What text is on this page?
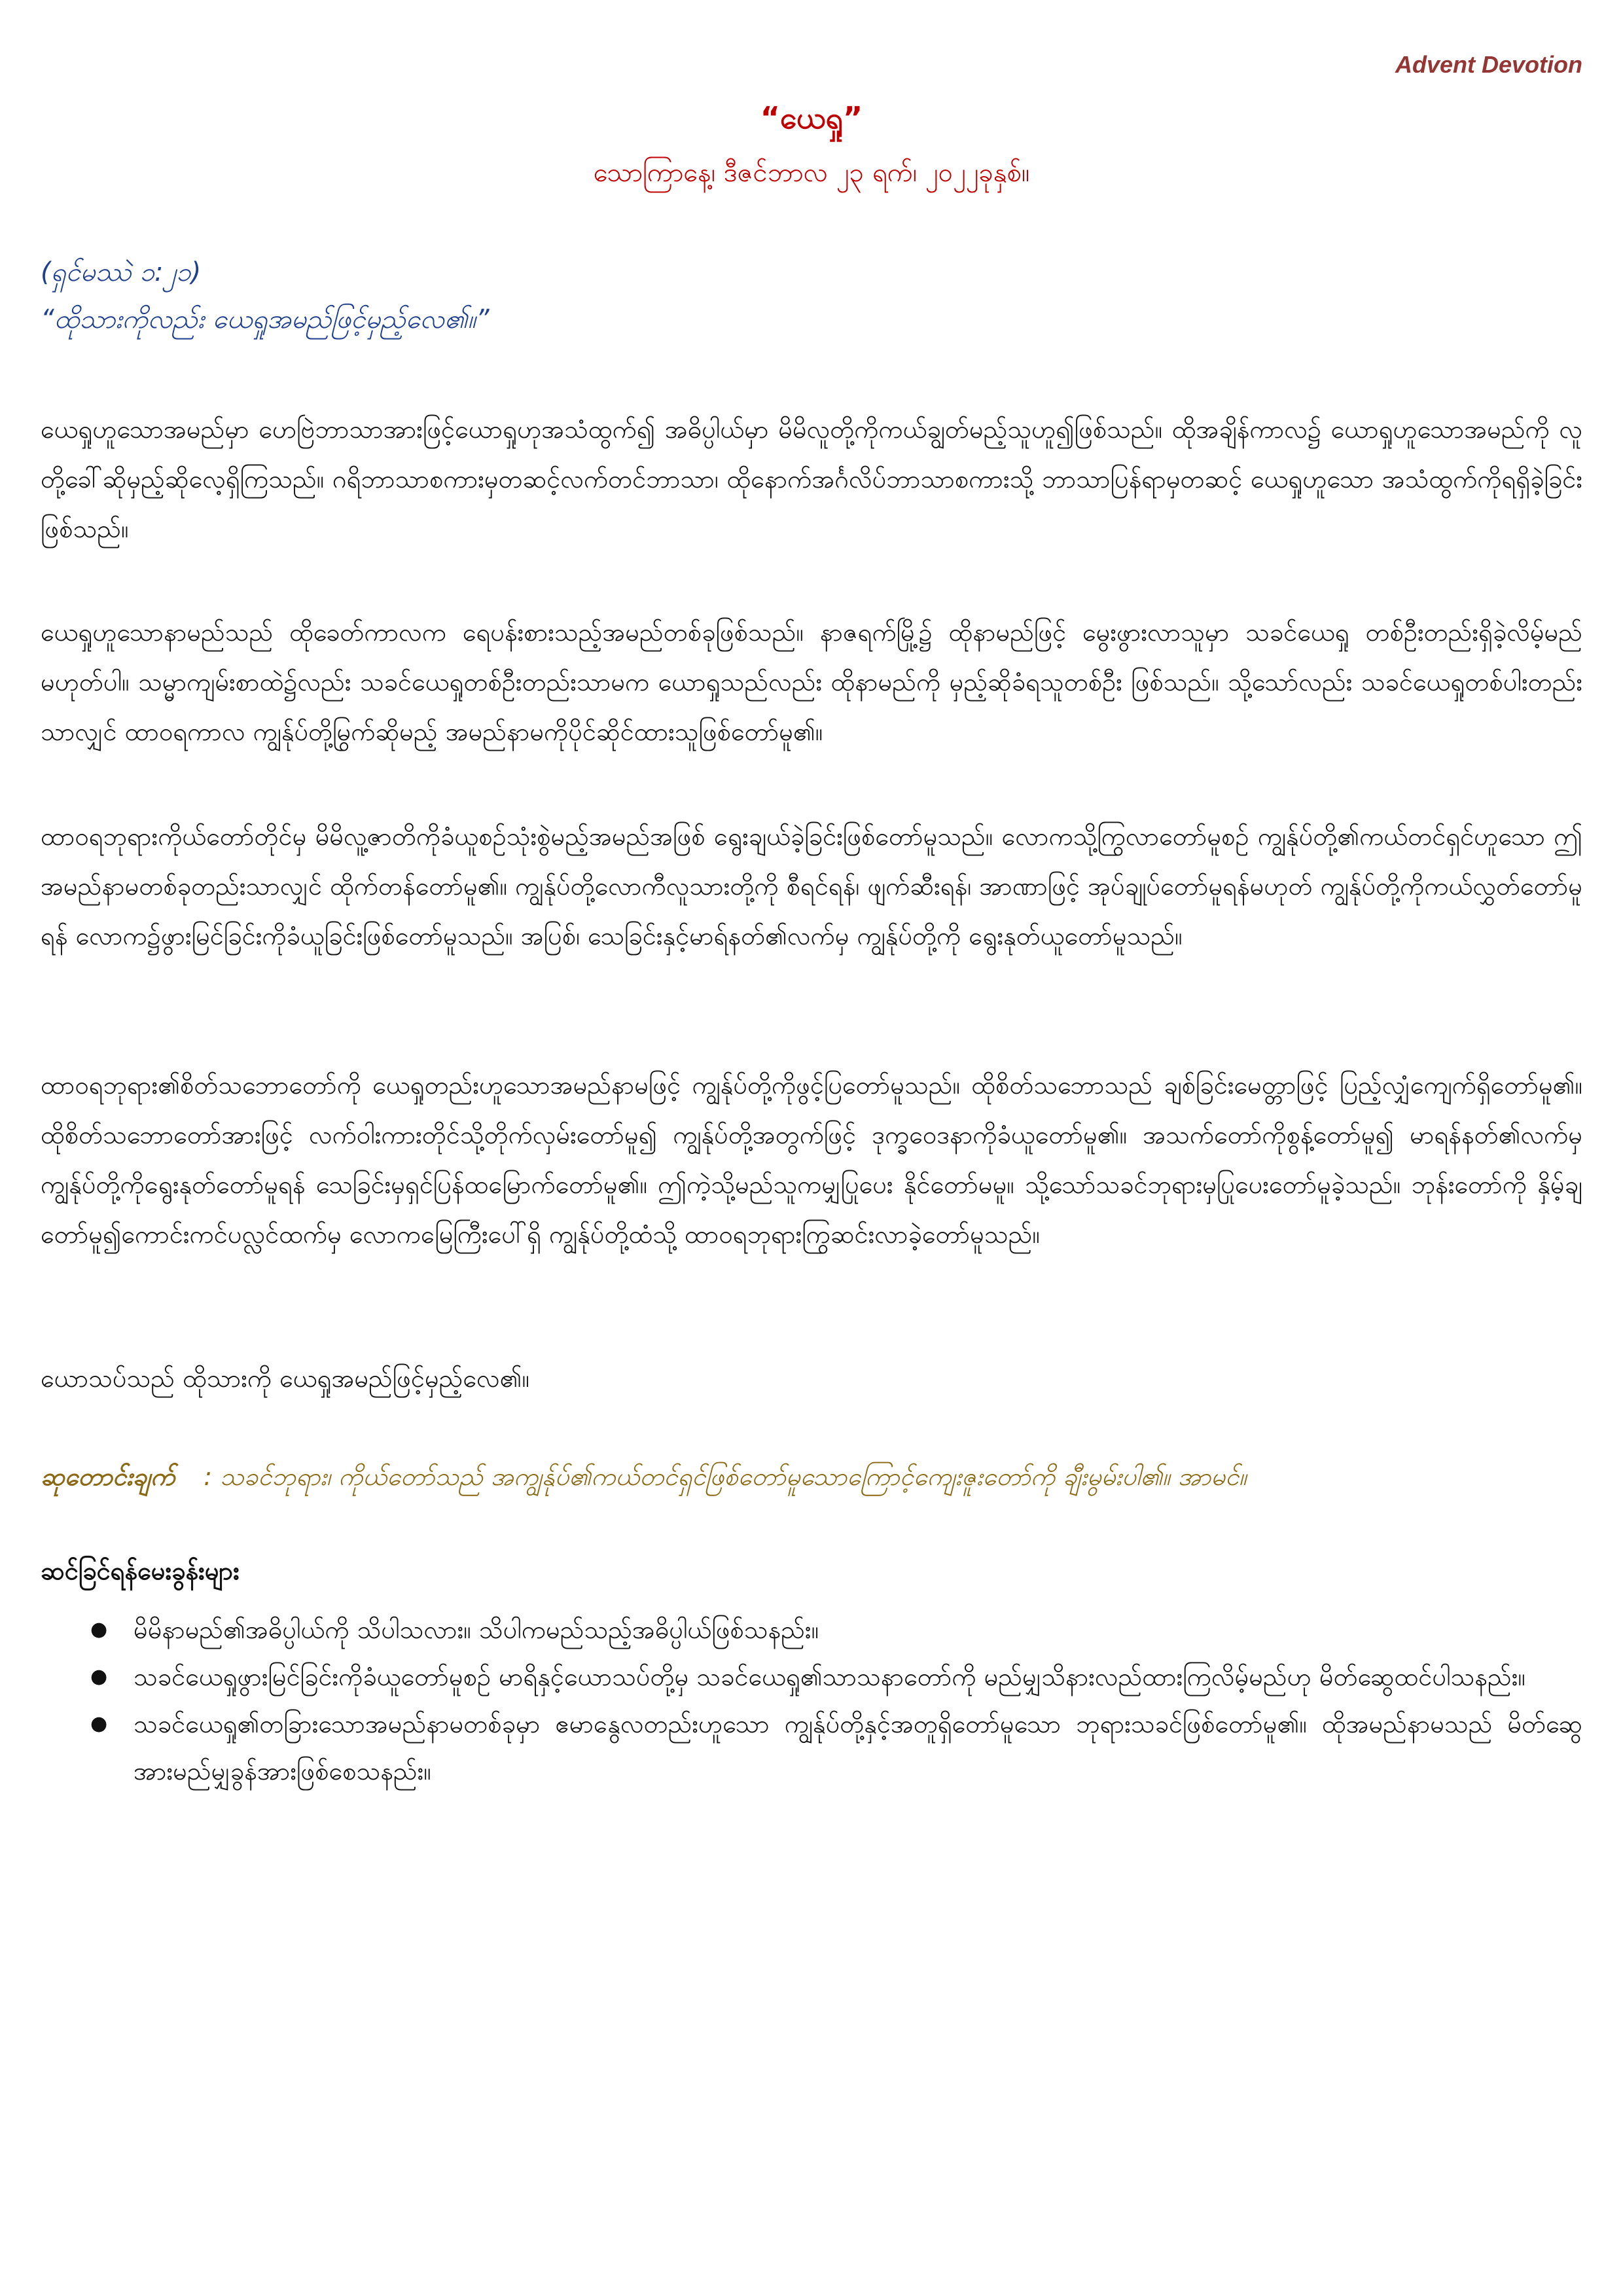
Advent Devotion
“ယေရှု”
သောကြာနေ့၊ ဒီဇင်ဘာလ ၂၃ ရက်၊ ၂၀၂၂ခုနှစ်။
(ရှင်မဿဲ ၁:၂၁)
“ထိုသားကိုလည်း ယေရှုအမည်ဖြင့်မှည့်လေ၏။”

ယေရှုဟူသောအမည်မှာ ဟေဗြဲဘာသာအားဖြင့်ယောရှုဟုအသံထွက်၍ အဓိပ္ပါယ်မှာ မိမိလူတို့ကိုကယ်ချွတ်မည့်သူဟူ၍ဖြစ်သည်။ ထိုအချိန်ကာလ၌ ယောရှုဟူသောအမည်ကို လူတို့ခေါ်ဆိုမှည့်ဆိုလေ့ရှိကြသည်။ ဂရိဘာသာစကားမှတဆင့်လက်တင်ဘာသာ၊ ထိုနောက်အင်္ဂလိပ်ဘာသာစကားသို့ ဘာသာပြန်ရာမှတဆင့် ယေရှုဟူသော အသံထွက်ကိုရရှိခဲ့ခြင်းဖြစ်သည်။

ယေရှုဟူသောနာမည်သည် ထိုခေတ်ကာလက ရေပန်းစားသည့်အမည်တစ်ခုဖြစ်သည်။ နာဇရက်မြို့၌ ထိုနာမည်ဖြင့် မွေးဖွားလာသူမှာ သခင်ယေရှု တစ်ဦးတည်းရှိခဲ့လိမ့်မည်မဟုတ်ပါ။ သမ္မာကျမ်းစာထဲ၌လည်း သခင်ယေရှုတစ်ဦးတည်းသာမက ယောရှုသည်လည်း ထိုနာမည်ကို မှည့်ဆိုခံရသူတစ်ဦး ဖြစ်သည်။ သို့သော်လည်း သခင်ယေရှုတစ်ပါးတည်းသာလျှင် ထာဝရကာလ ကျွန်ုပ်တို့မြွက်ဆိုမည့် အမည်နာမကိုပိုင်ဆိုင်ထားသူဖြစ်တော်မူ၏။

ထာဝရဘုရားကိုယ်တော်တိုင်မှ မိမိလူ့ဇာတိကိုခံယူစဉ်သုံးစွဲမည့်အမည်အဖြစ် ရွေးချယ်ခဲ့ခြင်းဖြစ်တော်မူသည်။ လောကသို့ကြွလာတော်မူစဉ် ကျွန်ုပ်တို့၏ကယ်တင်ရှင်ဟူသော ဤအမည်နာမတစ်ခုတည်းသာလျှင် ထိုက်တန်တော်မူ၏။ ကျွန်ုပ်တို့လောကီလူသားတို့ကို စီရင်ရန်၊ ဖျက်ဆီးရန်၊ အာဏာဖြင့် အုပ်ချုပ်တော်မူရန်မဟုတ် ကျွန်ုပ်တို့ကိုကယ်လွှတ်တော်မူရန် လောက၌ဖွားမြင်ခြင်းကိုခံယူခြင်းဖြစ်တော်မူသည်။ အပြစ်၊ သေခြင်းနှင့်မာရ်နတ်၏လက်မှ ကျွန်ုပ်တို့ကို ရွေးနုတ်ယူတော်မူသည်။

ထာဝရဘုရား၏စိတ်သဘောတော်ကို ယေရှုတည်းဟူသောအမည်နာမဖြင့် ကျွန်ုပ်တို့ကိုဖွင့်ပြတော်မူသည်။ ထိုစိတ်သဘောသည် ချစ်ခြင်းမေတ္တာဖြင့် ပြည့်လျှံကျေက်ရှိတော်မူ၏။ ထိုစိတ်သဘောတော်အားဖြင့် လက်ဝါးကားတိုင်သို့တိုက်လှမ်းတော်မူ၍ ကျွန်ုပ်တို့အတွက်ဖြင့် ဒုက္ခဝေဒနာကိုခံယူတော်မူ၏။ အသက်တော်ကိုစွန့်တော်မူ၍ မာရန်နတ်၏လက်မှ ကျွန်ုပ်တို့ကိုရွေးနုတ်တော်မူရန် သေခြင်းမှရှင်ပြန်ထမြောက်တော်မူ၏။ ဤကဲ့သို့မည်သူကမျှပြုပေး နိုင်တော်မမူ။ သို့သော်သခင်ဘုရားမှပြုပေးတော်မူခဲ့သည်။ ဘုန်းတော်ကို နှိမ့်ချတော်မူ၍ကောင်းကင်ပလ္လင်ထက်မှ လောကမြေကြီးပေါ်ရှိ ကျွန်ုပ်တို့ထံသို့ ထာဝရဘုရားကြွဆင်းလာခဲ့တော်မူသည်။

ယောသပ်သည် ထိုသားကို ယေရှုအမည်ဖြင့်မှည့်လေ၏။

ဆုတောင်းချက် : သခင်ဘုရား၊ ကိုယ်တော်သည် အကျွန်ုပ်၏ကယ်တင်ရှင်ဖြစ်တော်မူသောကြောင့်ကျေးဇူးတော်ကို ချီးမွမ်းပါ၏။ အာမင်။
ဆင်ခြင်ရန်မေးခွန်းများ
● မိမိနာမည်၏အဓိပ္ပါယ်ကို သိပါသလား။ သိပါကမည်သည့်အဓိပ္ပါယ်ဖြစ်သနည်း။
● သခင်ယေရှုဖွားမြင်ခြင်းကိုခံယူတော်မူစဉ် မာရိနှင့်ယောသပ်တို့မှ သခင်ယေရှု၏သာသနာတော်ကို မည်မျှသိနားလည်ထားကြလိမ့်မည်ဟု မိတ်ဆွေထင်ပါသနည်း။
● သခင်ယေရှု၏တခြားသောအမည်နာမတစ်ခုမှာ ဧမာနွေလတည်းဟူသော ကျွန်ုပ်တို့နှင့်အတူရှိတော်မူသော ဘုရားသခင်ဖြစ်တော်မူ၏။ ထိုအမည်နာမသည် မိတ်ဆွေအားမည်မျှခွန်အားဖြစ်စေသနည်း။
